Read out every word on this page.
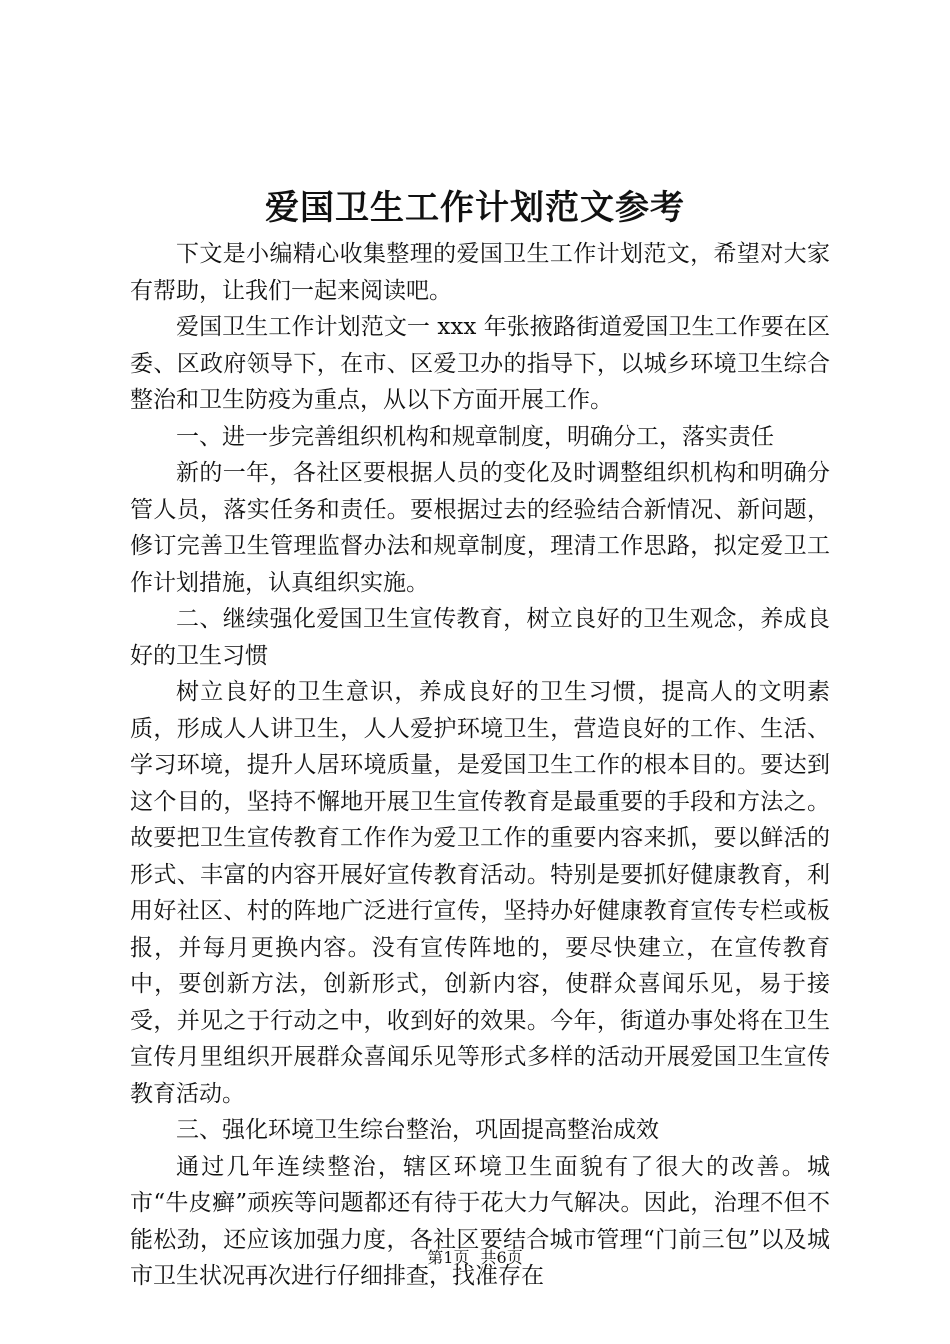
爱国卫生工作计划范文参考

下文是小编精心收集整理的爱国卫生工作计划范文，希望对大家有帮助，让我们一起来阅读吧。

爱国卫生工作计划范文一 xxx 年张掖路街道爱国卫生工作要在区委、区政府领导下，在市、区爱卫办的指导下，以城乡环境卫生综合整治和卫生防疫为重点，从以下方面开展工作。

一、进一步完善组织机构和规章制度，明确分工，落实责任

新的一年，各社区要根据人员的变化及时调整组织机构和明确分管人员，落实任务和责任。要根据过去的经验结合新情况、新问题，修订完善卫生管理监督办法和规章制度，理清工作思路，拟定爱卫工作计划措施，认真组织实施。

二、继续强化爱国卫生宣传教育，树立良好的卫生观念，养成良好的卫生习惯

树立良好的卫生意识，养成良好的卫生习惯，提高人的文明素质，形成人人讲卫生，人人爱护环境卫生，营造良好的工作、生活、学习环境，提升人居环境质量，是爱国卫生工作的根本目的。要达到这个目的，坚持不懈地开展卫生宣传教育是最重要的手段和方法之。故要把卫生宣传教育工作作为爱卫工作的重要内容来抓，要以鲜活的形式、丰富的内容开展好宣传教育活动。特别是要抓好健康教育，利用好社区、村的阵地广泛进行宣传，坚持办好健康教育宣传专栏或板报，并每月更换内容。没有宣传阵地的，要尽快建立，在宣传教育中，要创新方法，创新形式，创新内容，使群众喜闻乐见，易于接受，并见之于行动之中，收到好的效果。今年，街道办事处将在卫生宣传月里组织开展群众喜闻乐见等形式多样的活动开展爱国卫生宣传教育活动。

三、强化环境卫生综台整治，巩固提高整治成效

通过几年连续整治，辖区环境卫生面貌有了很大的改善。城市“牛皮癣”顽疾等问题都还有待于花大力气解决。因此，治理不但不能松劲，还应该加强力度，各社区要结合城市管理“门前三包”以及城市卫生状况再次进行仔细排查，找准存在

第1页 共6页
